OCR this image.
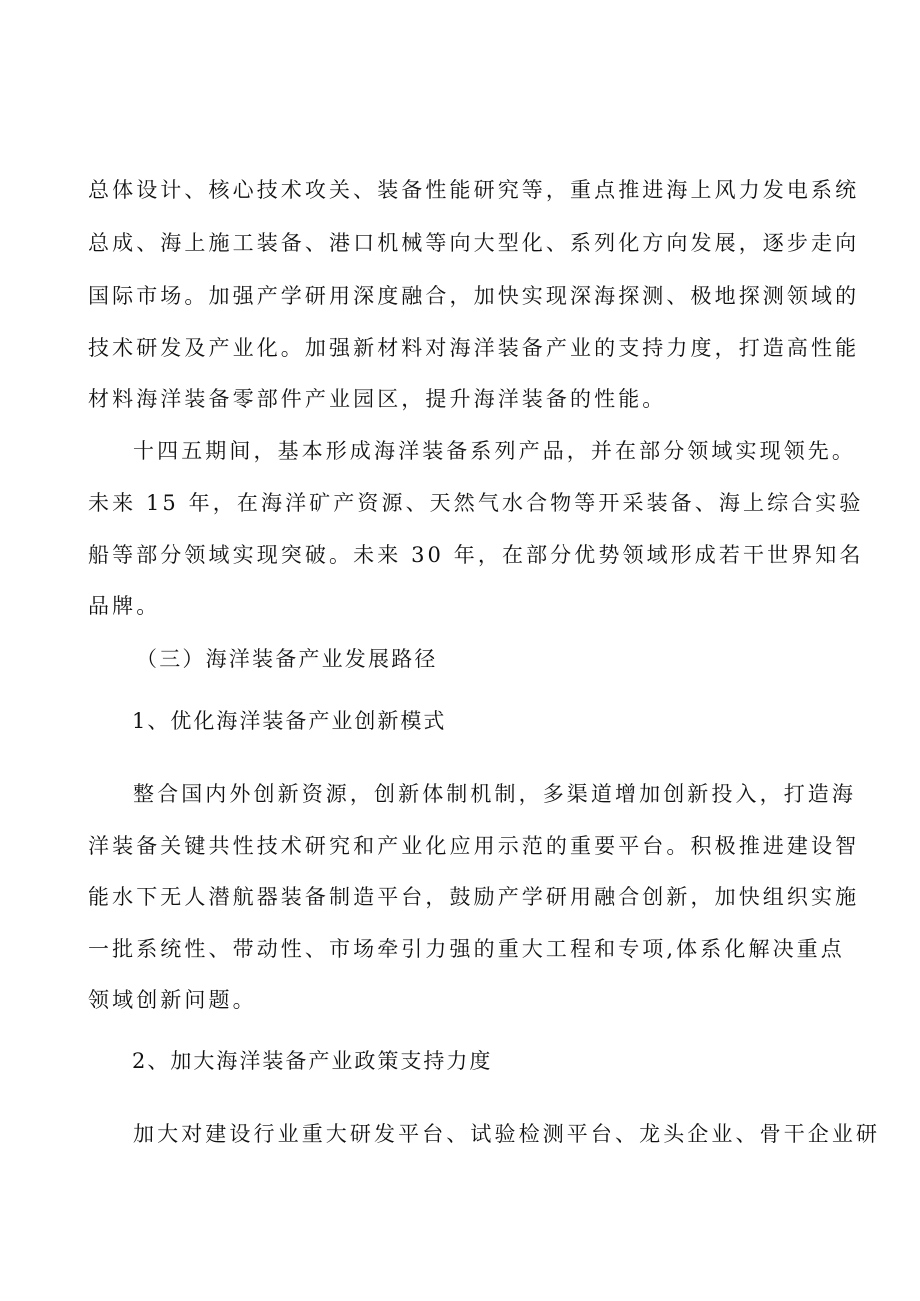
总体设计、核心技术攻关、装备性能研究等，重点推进海上风力发电系统
总成、海上施工装备、港口机械等向大型化、系列化方向发展，逐步走向
国际市场。加强产学研用深度融合，加快实现深海探测、极地探测领域的
技术研发及产业化。加强新材料对海洋装备产业的支持力度，打造高性能
材料海洋装备零部件产业园区，提升海洋装备的性能。
十四五期间，基本形成海洋装备系列产品，并在部分领域实现领先。
未来 15 年，在海洋矿产资源、天然气水合物等开采装备、海上综合实验
船等部分领域实现突破。未来 30 年，在部分优势领域形成若干世界知名
品牌。
（三）海洋装备产业发展路径
1、优化海洋装备产业创新模式
整合国内外创新资源，创新体制机制，多渠道增加创新投入，打造海
洋装备关键共性技术研究和产业化应用示范的重要平台。积极推进建设智
能水下无人潜航器装备制造平台，鼓励产学研用融合创新，加快组织实施
一批系统性、带动性、市场牵引力强的重大工程和专项,体系化解决重点
领域创新问题。
2、加大海洋装备产业政策支持力度
加大对建设行业重大研发平台、试验检测平台、龙头企业、骨干企业研
